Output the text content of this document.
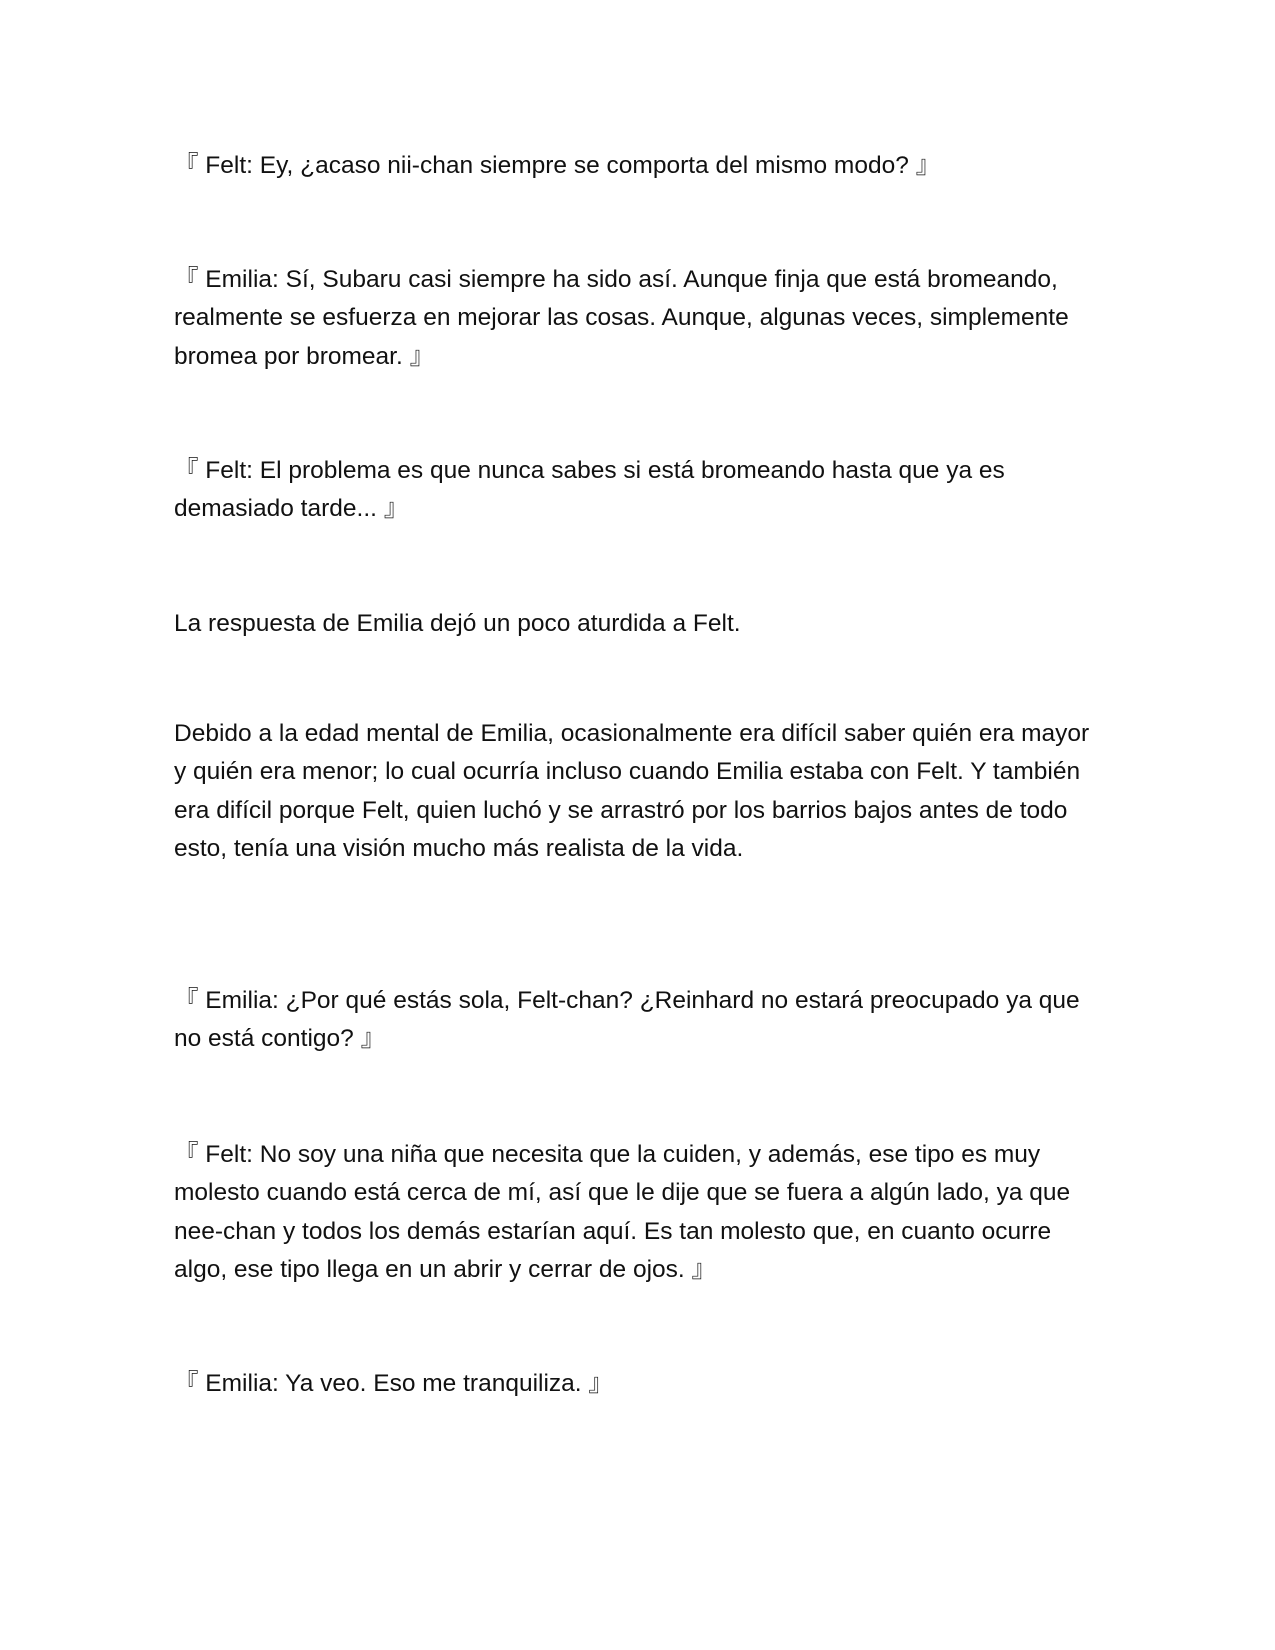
『 Felt: Ey, ¿acaso nii-chan siempre se comporta del mismo modo? 』

『 Emilia: Sí, Subaru casi siempre ha sido así. Aunque finja que está bromeando, realmente se esfuerza en mejorar las cosas. Aunque, algunas veces, simplemente bromea por bromear. 』

『 Felt: El problema es que nunca sabes si está bromeando hasta que ya es demasiado tarde... 』

La respuesta de Emilia dejó un poco aturdida a Felt.

Debido a la edad mental de Emilia, ocasionalmente era difícil saber quién era mayor y quién era menor; lo cual ocurría incluso cuando Emilia estaba con Felt. Y también era difícil porque Felt, quien luchó y se arrastró por los barrios bajos antes de todo esto, tenía una visión mucho más realista de la vida.

『 Emilia: ¿Por qué estás sola, Felt-chan? ¿Reinhard no estará preocupado ya que no está contigo? 』

『 Felt: No soy una niña que necesita que la cuiden, y además, ese tipo es muy molesto cuando está cerca de mí, así que le dije que se fuera a algún lado, ya que nee-chan y todos los demás estarían aquí. Es tan molesto que, en cuanto ocurre algo, ese tipo llega en un abrir y cerrar de ojos. 』

『 Emilia: Ya veo. Eso me tranquiliza. 』
